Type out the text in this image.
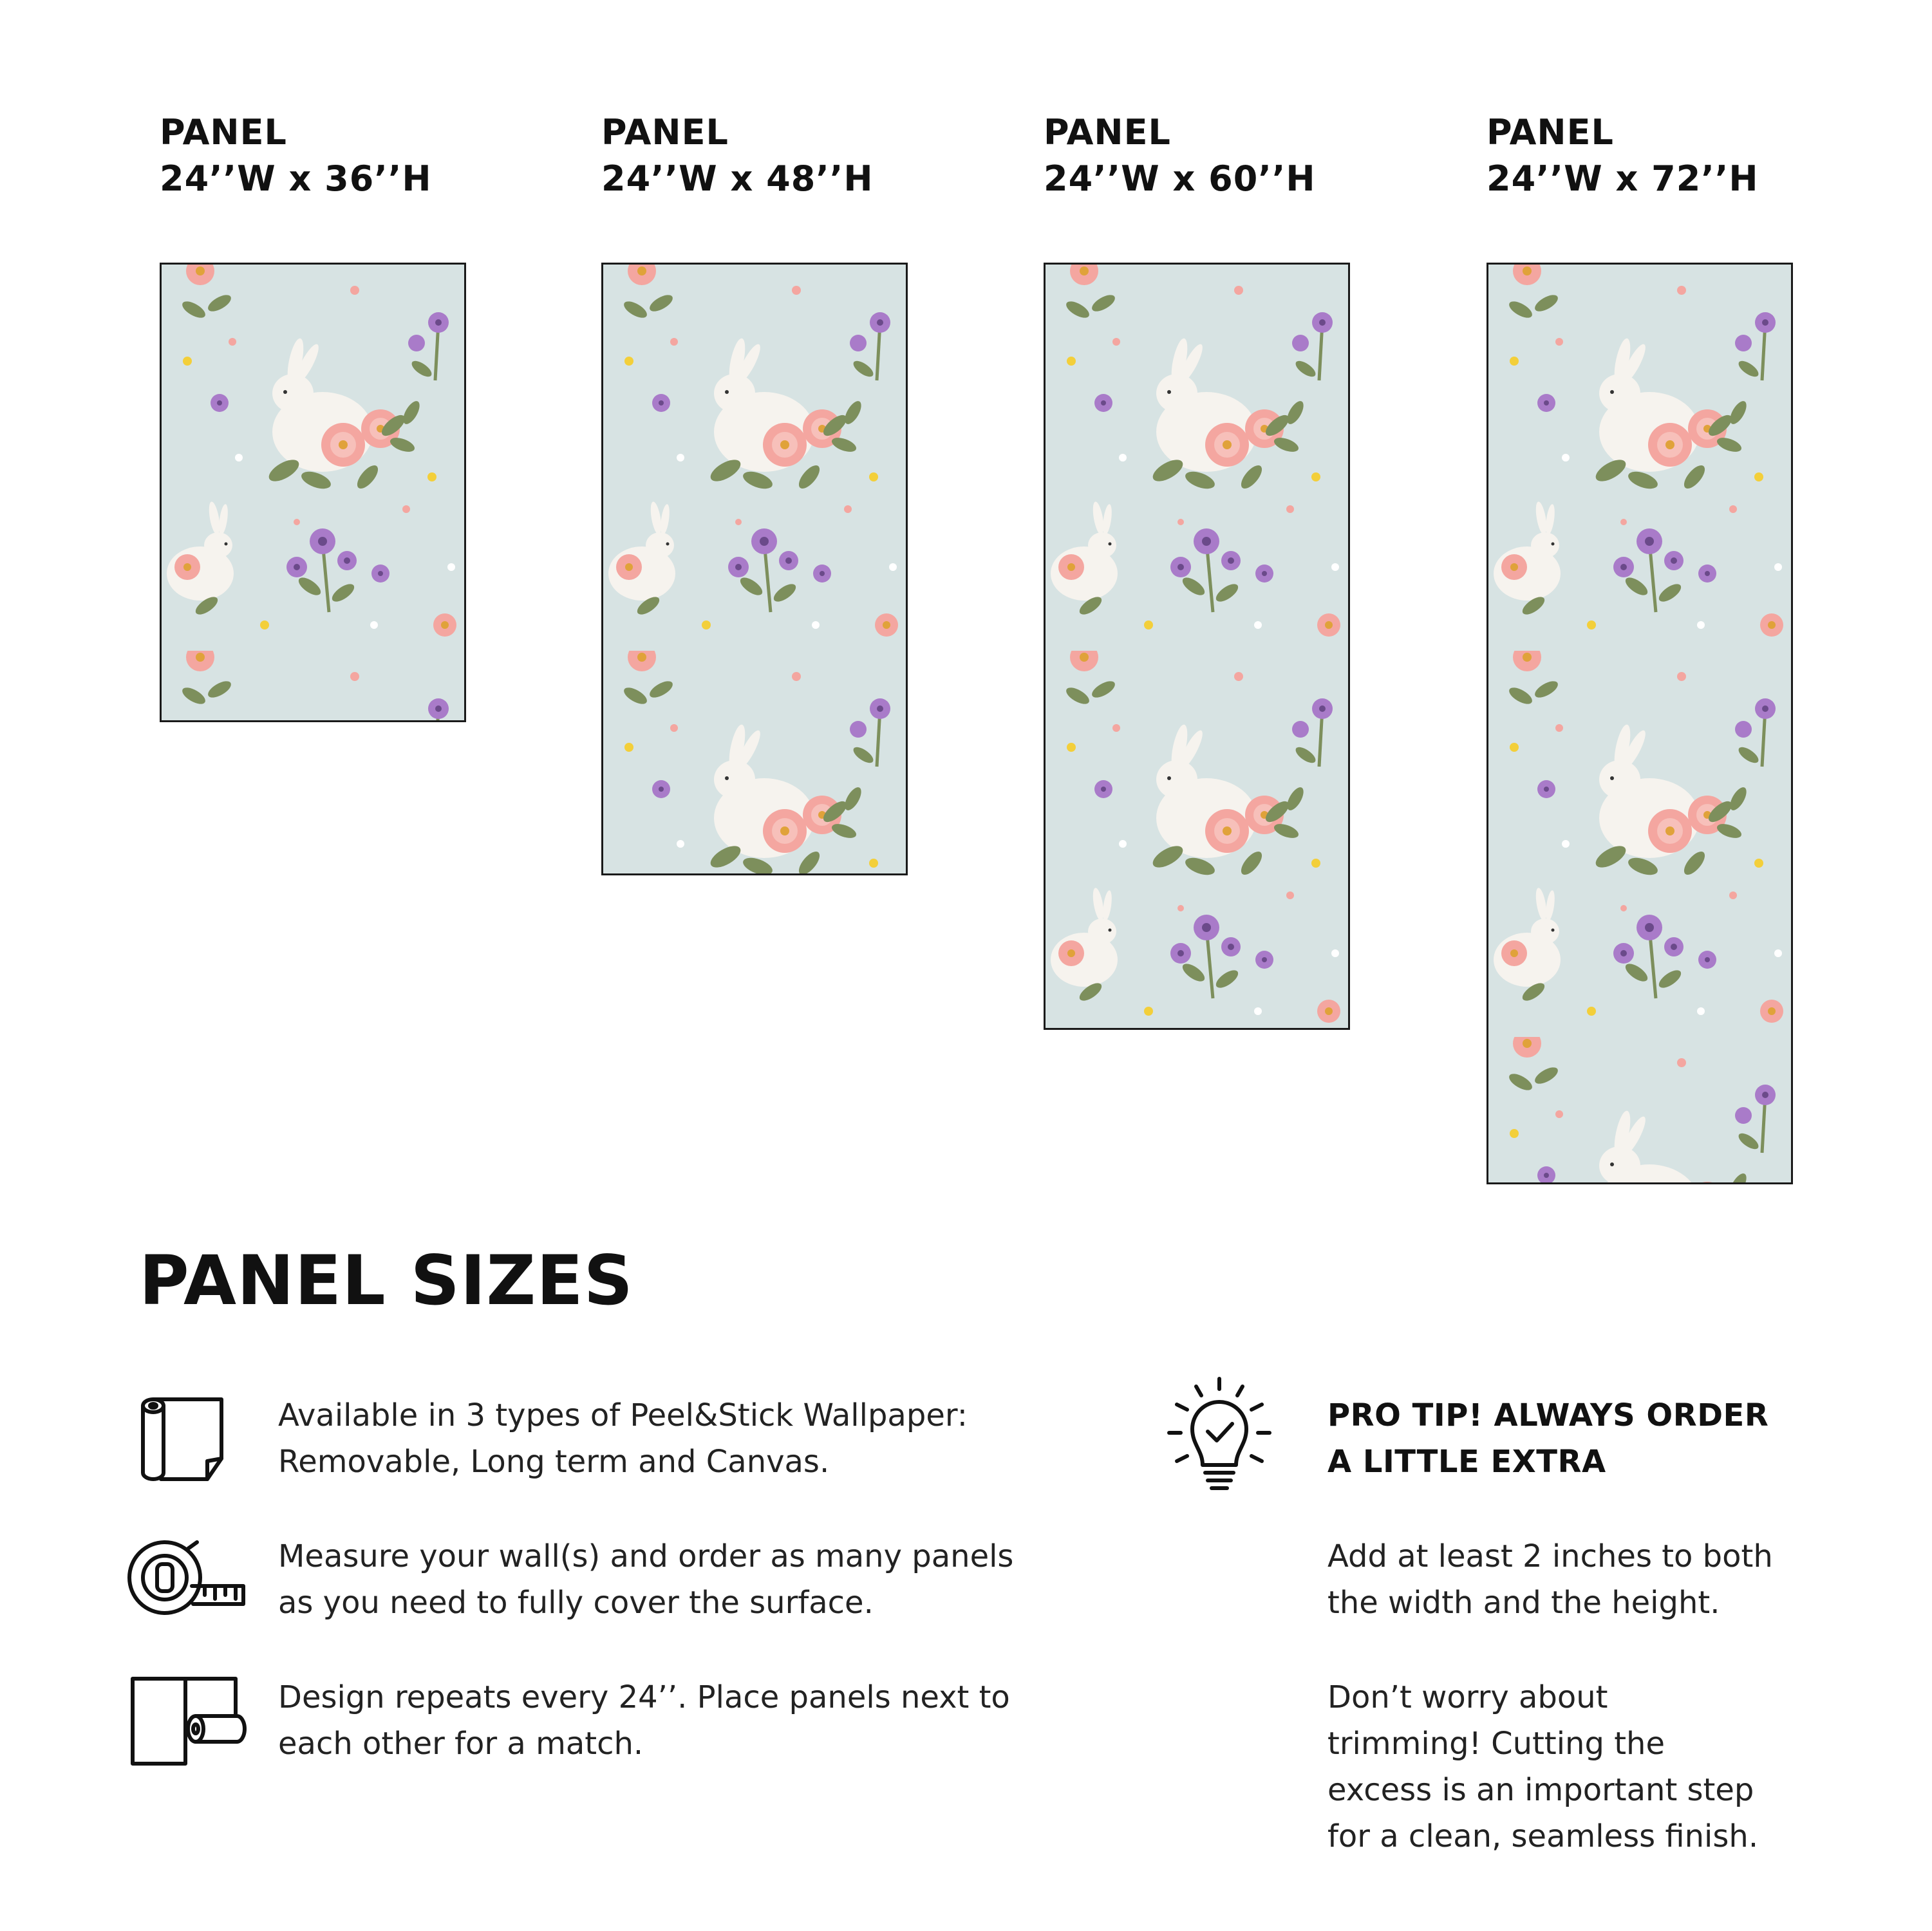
PANEL
24’’W x 36’’H
PANEL
24’’W x 48’’H
PANEL
24’’W x 60’’H
PANEL
24’’W x 72’’H
PANEL SIZES
Available in 3 types of Peel&Stick Wallpaper:
Removable, Long term and Canvas.
Measure your wall(s) and order as many panels
as you need to fully cover the surface.
Design repeats every 24’’. Place panels next to
each other for a match.
PRO TIP! ALWAYS ORDER
A LITTLE EXTRA
Add at least 2 inches to both
the width and the height.
Don’t worry about
trimming! Cutting the
excess is an important step
for a clean, seamless finish.
